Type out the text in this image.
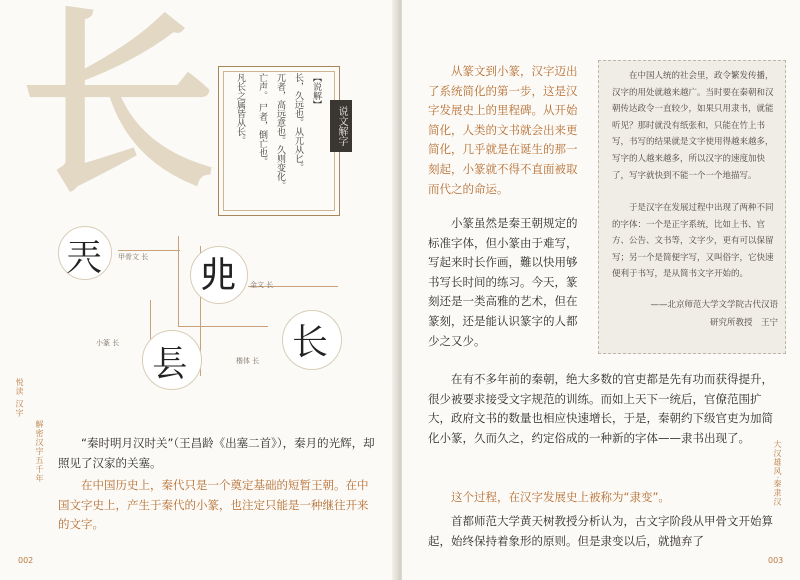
长	【说解】
长，久远也。从兀从匕。
兀者，高远意也。久则变化。
亡声。 尸者，倒亡也。
凡长之属皆从长。	说文解字
兲 甲骨文 长 𠑹 金文 长
镸
小篆 长	长
楷体 长
悦读 汉字
解密汉字五千年
002

“秦时明月汉时关”（王昌龄《出塞二首》），秦月的光辉，却照见了汉家的关塞。

在中国历史上，秦代只是一个奠定基础的短暂王朝。在中国文字史上，产生于秦代的小篆，也注定只能是一种继往开来的文字。

从篆文到小篆，汉字迈出了系统简化的第一步，这是汉字发展史上的里程碑。从开始简化，人类的文书就会出来更简化，几乎就是在诞生的那一刻起，小篆就不得不直面被取而代之的命运。

小篆虽然是秦王朝规定的标准字体，但小篆由于难写，写起来时长作画，難以快用够书写长时间的练习。今天，篆刻还是一类高雅的艺术，但在篆刻，还是能认识篆字的人都少之又少。

在有不多年前的秦朝，绝大多数的官吏都是先有功而获得提升，很少被要求接受文字规范的训练。而如上天下一统后，官僚范围扩大，政府文书的数量也相应快速增长，于是，秦朝约下级官吏为加简化小篆，久而久之，约定俗成的一种新的字体——隶书出现了。

这个过程，在汉字发展史上被称为“隶变”。

首都师范大学黄天树教授分析认为，古文字阶段从甲骨文开始算起，始终保持着象形的原则。但是隶变以后，就抛弃了

在中国人统的社会里，政令繁发传播，汉字的用处就越来越广。当时要在秦朝和汉朝传达政令一直较少，如果只用隶书，就能听见？那时就没有纸张和，只能在竹上书写，书写的结果就是文字使用得越来越多，写字的人越来越多，所以汉字的速度加快了，写字就快到不能一个一个地描写。

于是汉字在发展过程中出现了两种不同的字体：一个是正字系统，比如上书、官方、公告、文书等，文字少，更有可以保留写；另一个是简便字写，又叫俗字，它快速便利于书写，是从简书文字开始的。

——北京师范大学文学院古代汉语

研究所教授　王宁

大汉雄风·秦隶汉
003
